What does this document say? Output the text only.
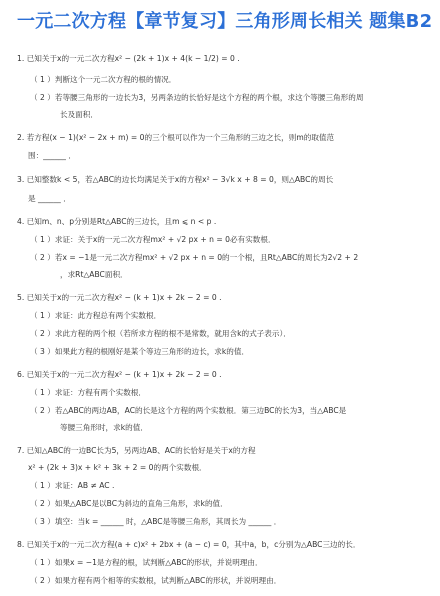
一元二次方程【章节复习】三角形周长相关 题集B2
1. 已知关于x的一元二次方程x² − (2k + 1)x + 4(k − 1/2) = 0 .
（ 1 ）判断这个一元二次方程的根的情况．
（ 2 ）若等腰三角形的一边长为3，另两条边的长恰好是这个方程的两个根，求这个等腰三角形的周
长及面积．
2. 若方程(x − 1)(x² − 2x + m) = 0的三个根可以作为一个三角形的三边之长，则m的取值范
围：______ ．
3. 已知整数k < 5，若△ABC的边长均满足关于x的方程x² − 3√k x + 8 = 0，则△ABC的周长
是 ______ ．
4. 已知m、n、p分别是Rt△ABC的三边长，且m ⩽ n < p .
（ 1 ）求证：关于x的一元二次方程mx² + √2 px + n = 0必有实数根．
（ 2 ）若x = −1是一元二次方程mx² + √2 px + n = 0的一个根，且Rt△ABC的周长为2√2 + 2
，求Rt△ABC面积．
5. 已知关于x的一元二次方程x² − (k + 1)x + 2k − 2 = 0 .
（ 1 ）求证：此方程总有两个实数根．
（ 2 ）求此方程的两个根（若所求方程的根不是常数，就用含k的式子表示）．
（ 3 ）如果此方程的根刚好是某个等边三角形的边长，求k的值．
6. 已知关于x的一元二次方程x² − (k + 1)x + 2k − 2 = 0 .
（ 1 ）求证：方程有两个实数根．
（ 2 ）若△ABC的两边AB，AC的长是这个方程的两个实数根．第三边BC的长为3，当△ABC是
等腰三角形时，求k的值．
7. 已知△ABC的一边BC长为5，另两边AB、AC的长恰好是关于x的方程
x² + (2k + 3)x + k² + 3k + 2 = 0的两个实数根．
（ 1 ）求证：AB ≠ AC .
（ 2 ）如果△ABC是以BC为斜边的直角三角形，求k的值．
（ 3 ）填空：当k = ______ 时，△ABC是等腰三角形，其周长为 ______ ．
8. 已知关于x的一元二次方程(a + c)x² + 2bx + (a − c) = 0，其中a，b，c分别为△ABC三边的长．
（ 1 ）如果x = −1是方程的根，试判断△ABC的形状，并说明理由．
（ 2 ）如果方程有两个相等的实数根，试判断△ABC的形状，并说明理由．
